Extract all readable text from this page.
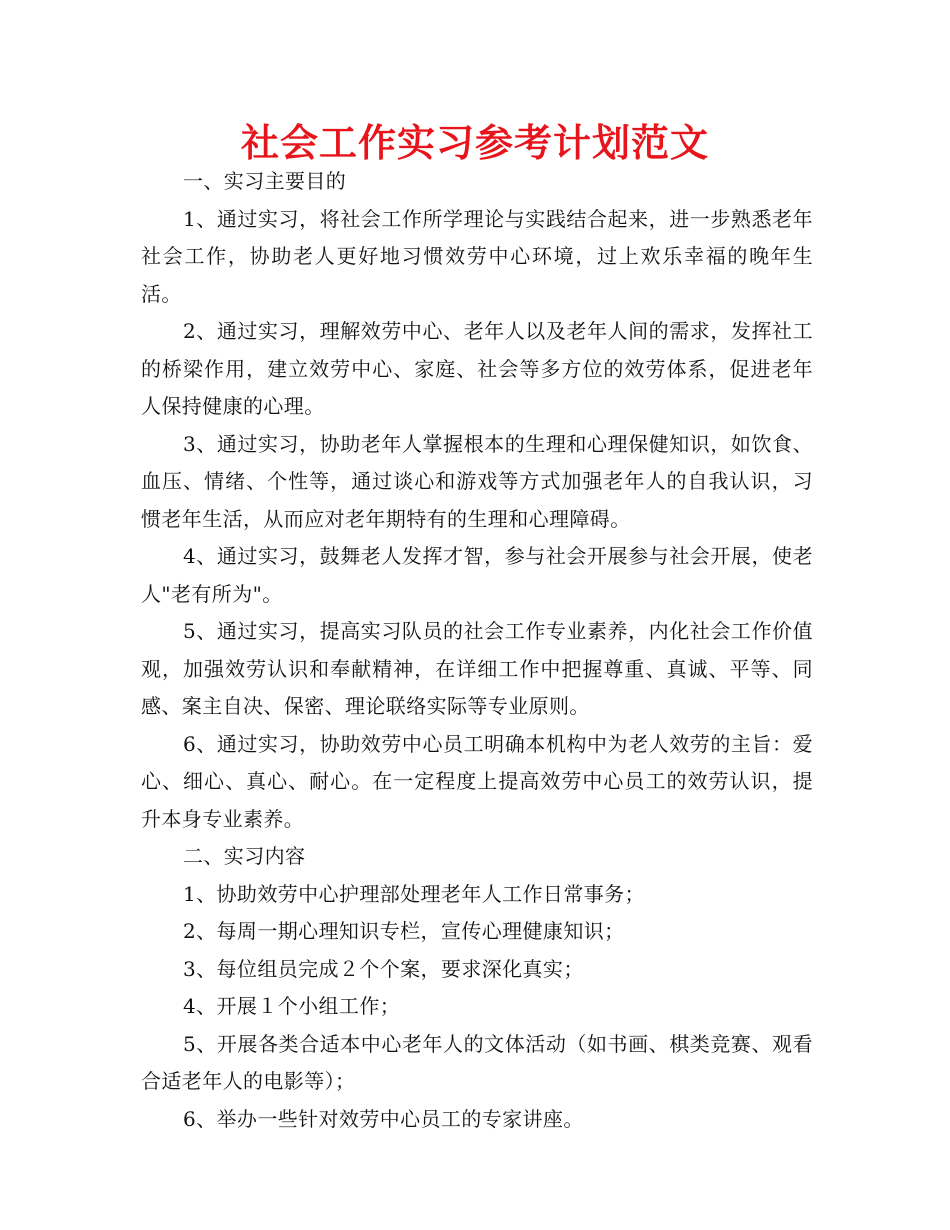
社会工作实习参考计划范文

一、实习主要目的

1、通过实习，将社会工作所学理论与实践结合起来，进一步熟悉老年社会工作，协助老人更好地习惯效劳中心环境，过上欢乐幸福的晚年生活。

2、通过实习，理解效劳中心、老年人以及老年人间的需求，发挥社工的桥梁作用，建立效劳中心、家庭、社会等多方位的效劳体系，促进老年人保持健康的心理。

3、通过实习，协助老年人掌握根本的生理和心理保健知识，如饮食、血压、情绪、个性等，通过谈心和游戏等方式加强老年人的自我认识，习惯老年生活，从而应对老年期特有的生理和心理障碍。

4、通过实习，鼓舞老人发挥才智，参与社会开展参与社会开展，使老人"老有所为"。

5、通过实习，提高实习队员的社会工作专业素养，内化社会工作价值观，加强效劳认识和奉献精神，在详细工作中把握尊重、真诚、平等、同感、案主自决、保密、理论联络实际等专业原则。

6、通过实习，协助效劳中心员工明确本机构中为老人效劳的主旨：爱心、细心、真心、耐心。在一定程度上提高效劳中心员工的效劳认识，提升本身专业素养。

二、实习内容

1、协助效劳中心护理部处理老年人工作日常事务；

2、每周一期心理知识专栏，宣传心理健康知识；

3、每位组员完成２个个案，要求深化真实；

4、开展１个小组工作；

5、开展各类合适本中心老年人的文体活动（如书画、棋类竞赛、观看合适老年人的电影等）；

6、举办一些针对效劳中心员工的专家讲座。
